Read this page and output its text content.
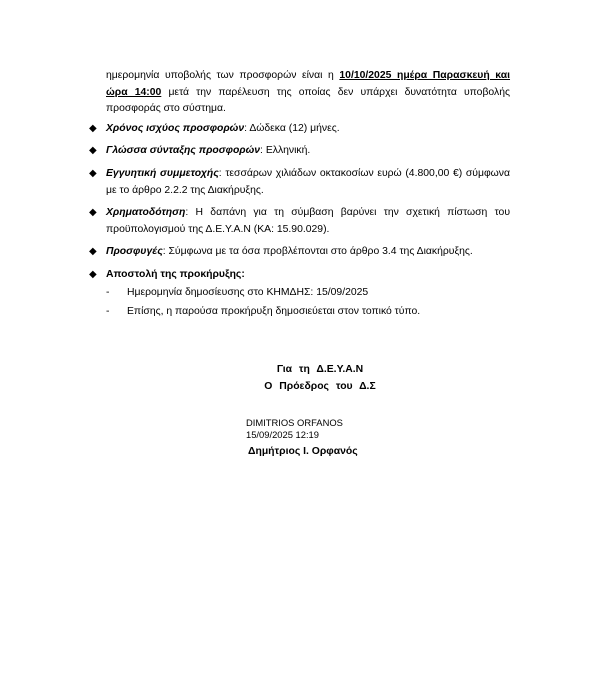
ημερομηνία υποβολής των προσφορών είναι η 10/10/2025 ημέρα Παρασκευή και ώρα 14:00 μετά την παρέλευση της οποίας δεν υπάρχει δυνατότητα υποβολής προσφοράς στο σύστημα.

◆ Χρόνος ισχύος προσφορών: Δώδεκα (12) μήνες.
◆ Γλώσσα σύνταξης προσφορών: Ελληνική.
◆ Εγγυητική συμμετοχής: τεσσάρων χιλιάδων οκτακοσίων ευρώ (4.800,00 €) σύμφωνα με το άρθρο 2.2.2 της Διακήρυξης.
◆ Χρηματοδότηση: Η δαπάνη για τη σύμβαση βαρύνει την σχετική πίστωση του προϋπολογισμού της Δ.Ε.Υ.Α.Ν (ΚΑ: 15.90.029).
◆ Προσφυγές: Σύμφωνα με τα όσα προβλέπονται στο άρθρο 3.4 της Διακήρυξης.
◆ Αποστολή της προκήρυξης:
- Ημερομηνία δημοσίευσης στο ΚΗΜΔΗΣ: 15/09/2025
- Επίσης, η παρούσα προκήρυξη δημοσιεύεται στον τοπικό τύπο.
Για τη Δ.Ε.Υ.Α.Ν
Ο Πρόεδρος του Δ.Σ
DIMITRIOS ORFANOS
15/09/2025 12:19
Δημήτριος Ι. Ορφανός
